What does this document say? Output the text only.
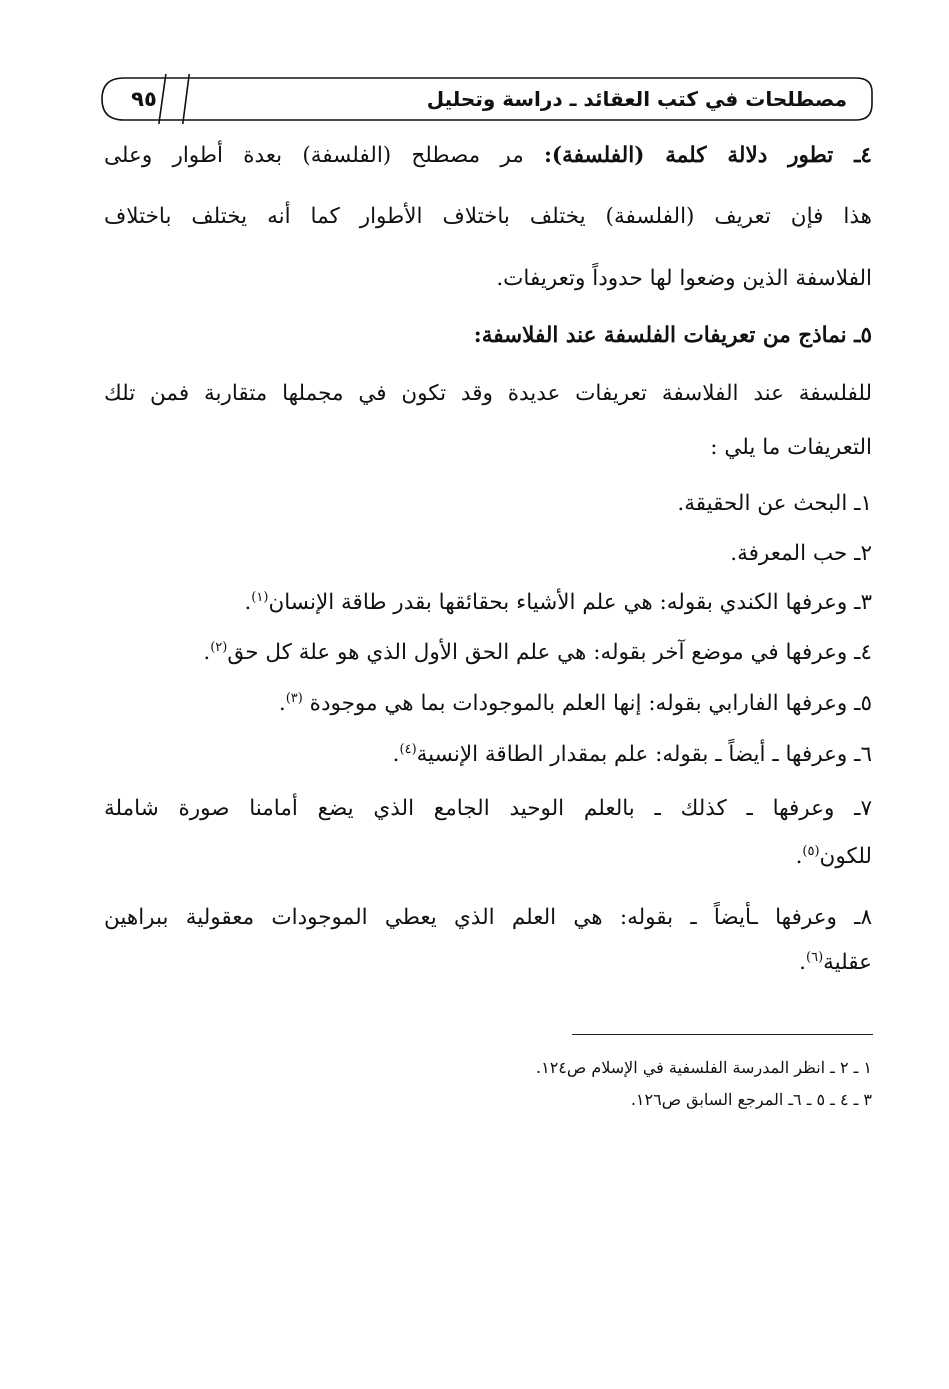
٩٥	مصطلحات في كتب العقائد ـ دراسة وتحليل
٤ـ تطور دلالة كلمة (الفلسفة): مر مصطلح (الفلسفة) بعدة أطوار وعلى
هذا فإن تعريف (الفلسفة) يختلف باختلاف الأطوار كما أنه يختلف باختلاف
الفلاسفة الذين وضعوا لها حدوداً وتعريفات.
٥ـ نماذج من تعريفات الفلسفة عند الفلاسفة:
للفلسفة عند الفلاسفة تعريفات عديدة وقد تكون في مجملها متقاربة فمن تلك
التعريفات ما يلي :
١ـ البحث عن الحقيقة.
٢ـ حب المعرفة.
٣ـ وعرفها الكندي بقوله: هي علم الأشياء بحقائقها بقدر طاقة الإنسان$^{(١)}$.
٤ـ وعرفها في موضع آخر بقوله: هي علم الحق الأول الذي هو علة كل حق$^{(٢)}$.
٥ـ وعرفها الفارابي بقوله: إنها العلم بالموجودات بما هي موجودة $^{(٣)}$.
٦ـ وعرفها ـ أيضاً ـ بقوله: علم بمقدار الطاقة الإنسية$^{(٤)}$.
٧ـ وعرفها ـ كذلك ـ بالعلم الوحيد الجامع الذي يضع أمامنا صورة شاملة
للكون$^{(٥)}$.
٨ـ وعرفها ـأيضاً ـ بقوله: هي العلم الذي يعطي الموجودات معقولية ببراهين
عقلية$^{(٦)}$.
١ ـ ٢ ـ انظر المدرسة الفلسفية في الإسلام ص١٢٤.
٣ ـ ٤ ـ ٥ ـ ٦ـ المرجع السابق ص١٢٦.
